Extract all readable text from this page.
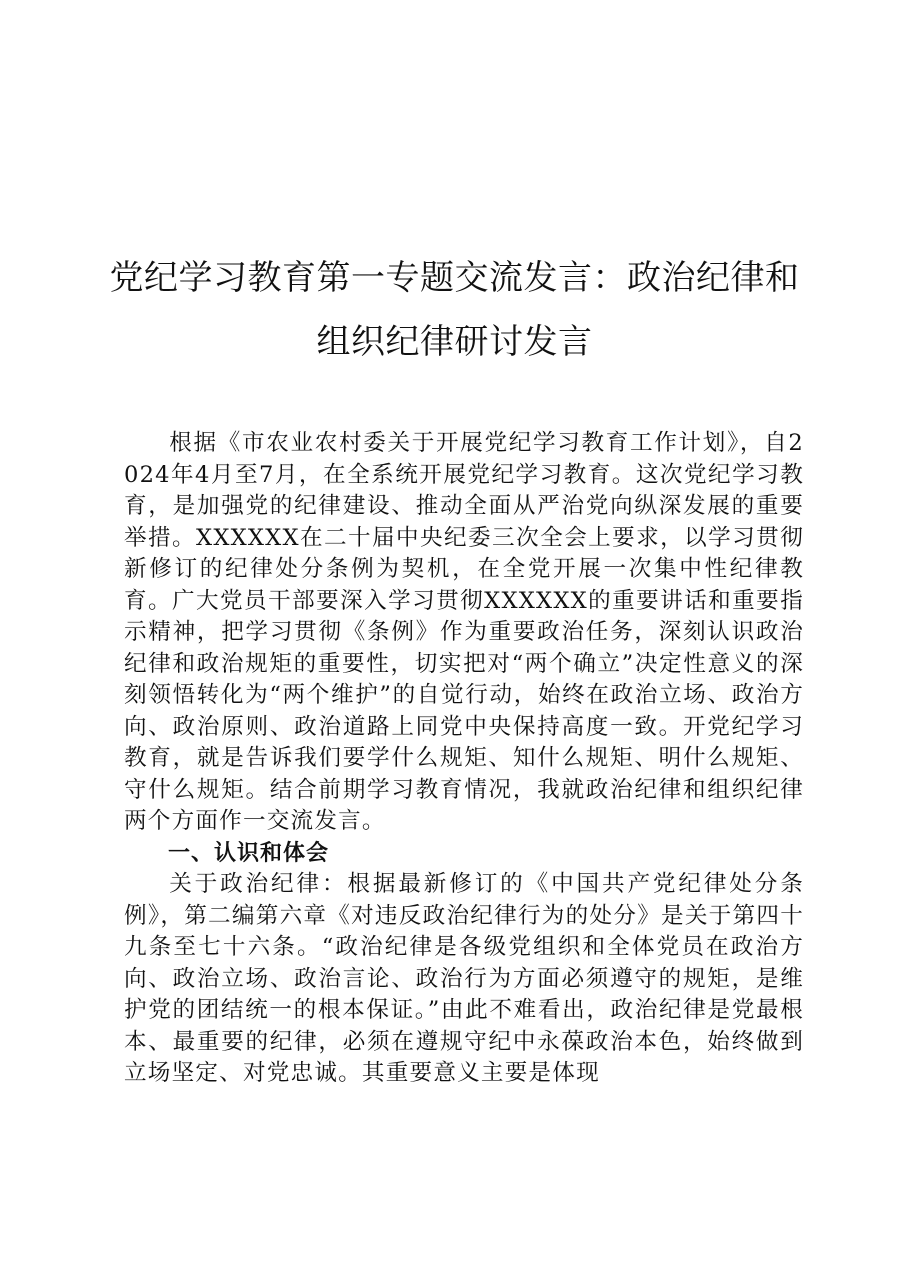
党纪学习教育第一专题交流发言：政治纪律和
组织纪律研讨发言

根据《市农业农村委关于开展党纪学习教育工作计划》，自2024年4月至7月，在全系统开展党纪学习教育。这次党纪学习教育，是加强党的纪律建设、推动全面从严治党向纵深发展的重要举措。XXXXXX在二十届中央纪委三次全会上要求，以学习贯彻新修订的纪律处分条例为契机，在全党开展一次集中性纪律教育。广大党员干部要深入学习贯彻XXXXXX的重要讲话和重要指示精神，把学习贯彻《条例》作为重要政治任务，深刻认识政治纪律和政治规矩的重要性，切实把对“两个确立”决定性意义的深刻领悟转化为“两个维护”的自觉行动，始终在政治立场、政治方向、政治原则、政治道路上同党中央保持高度一致。开党纪学习教育，就是告诉我们要学什么规矩、知什么规矩、明什么规矩、守什么规矩。结合前期学习教育情况，我就政治纪律和组织纪律两个方面作一交流发言。

一、认识和体会

关于政治纪律：根据最新修订的《中国共产党纪律处分条例》，第二编第六章《对违反政治纪律行为的处分》是关于第四十九条至七十六条。“政治纪律是各级党组织和全体党员在政治方向、政治立场、政治言论、政治行为方面必须遵守的规矩，是维护党的团结统一的根本保证。”由此不难看出，政治纪律是党最根本、最重要的纪律，必须在遵规守纪中永葆政治本色，始终做到立场坚定、对党忠诚。其重要意义主要是体现
